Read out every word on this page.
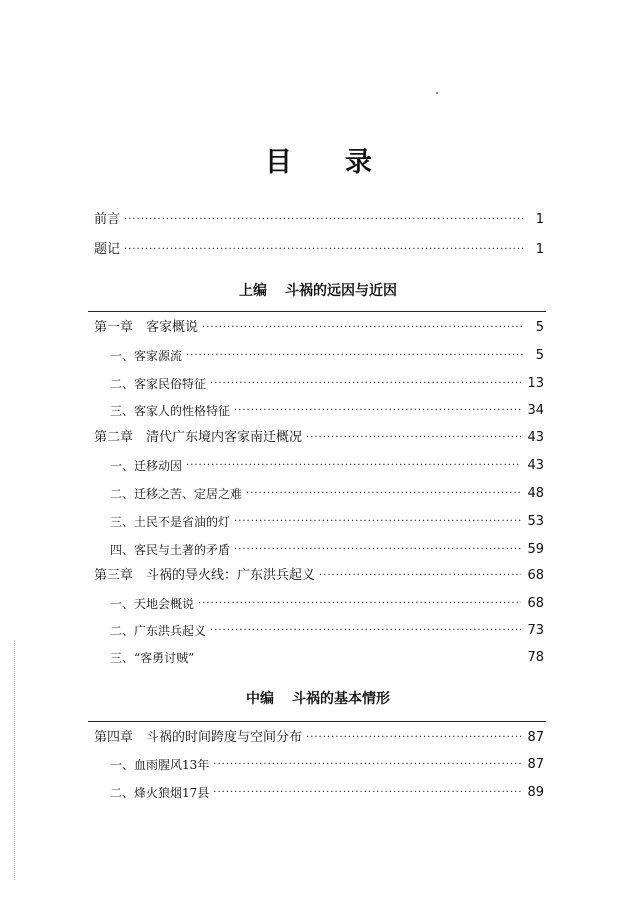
目 录
前言 ·····	1
题记 ·····	1
上编 斗祸的远因与近因
第一章　客家概说 ·····	5
一、客家源流 ·····	5
二、客家民俗特征 ·····	13
三、客家人的性格特征 ·····	34
第二章　清代广东境内客家南迁概况 ·····	43
一、迁移动因 ·····	43
二、迁移之苦、定居之难 ·····	48
三、土民不是省油的灯 ·····	53
四、客民与土著的矛盾 ·····	59
第三章　斗祸的导火线：广东洪兵起义 ·····	68
一、天地会概说 ·····	68
二、广东洪兵起义 ·····	73
三、“客勇讨贼”	78
中编 斗祸的基本情形
第四章　斗祸的时间跨度与空间分布 ·····	87
一、血雨腥风13年 ·····	87
二、烽火狼烟17县 ·····	89
